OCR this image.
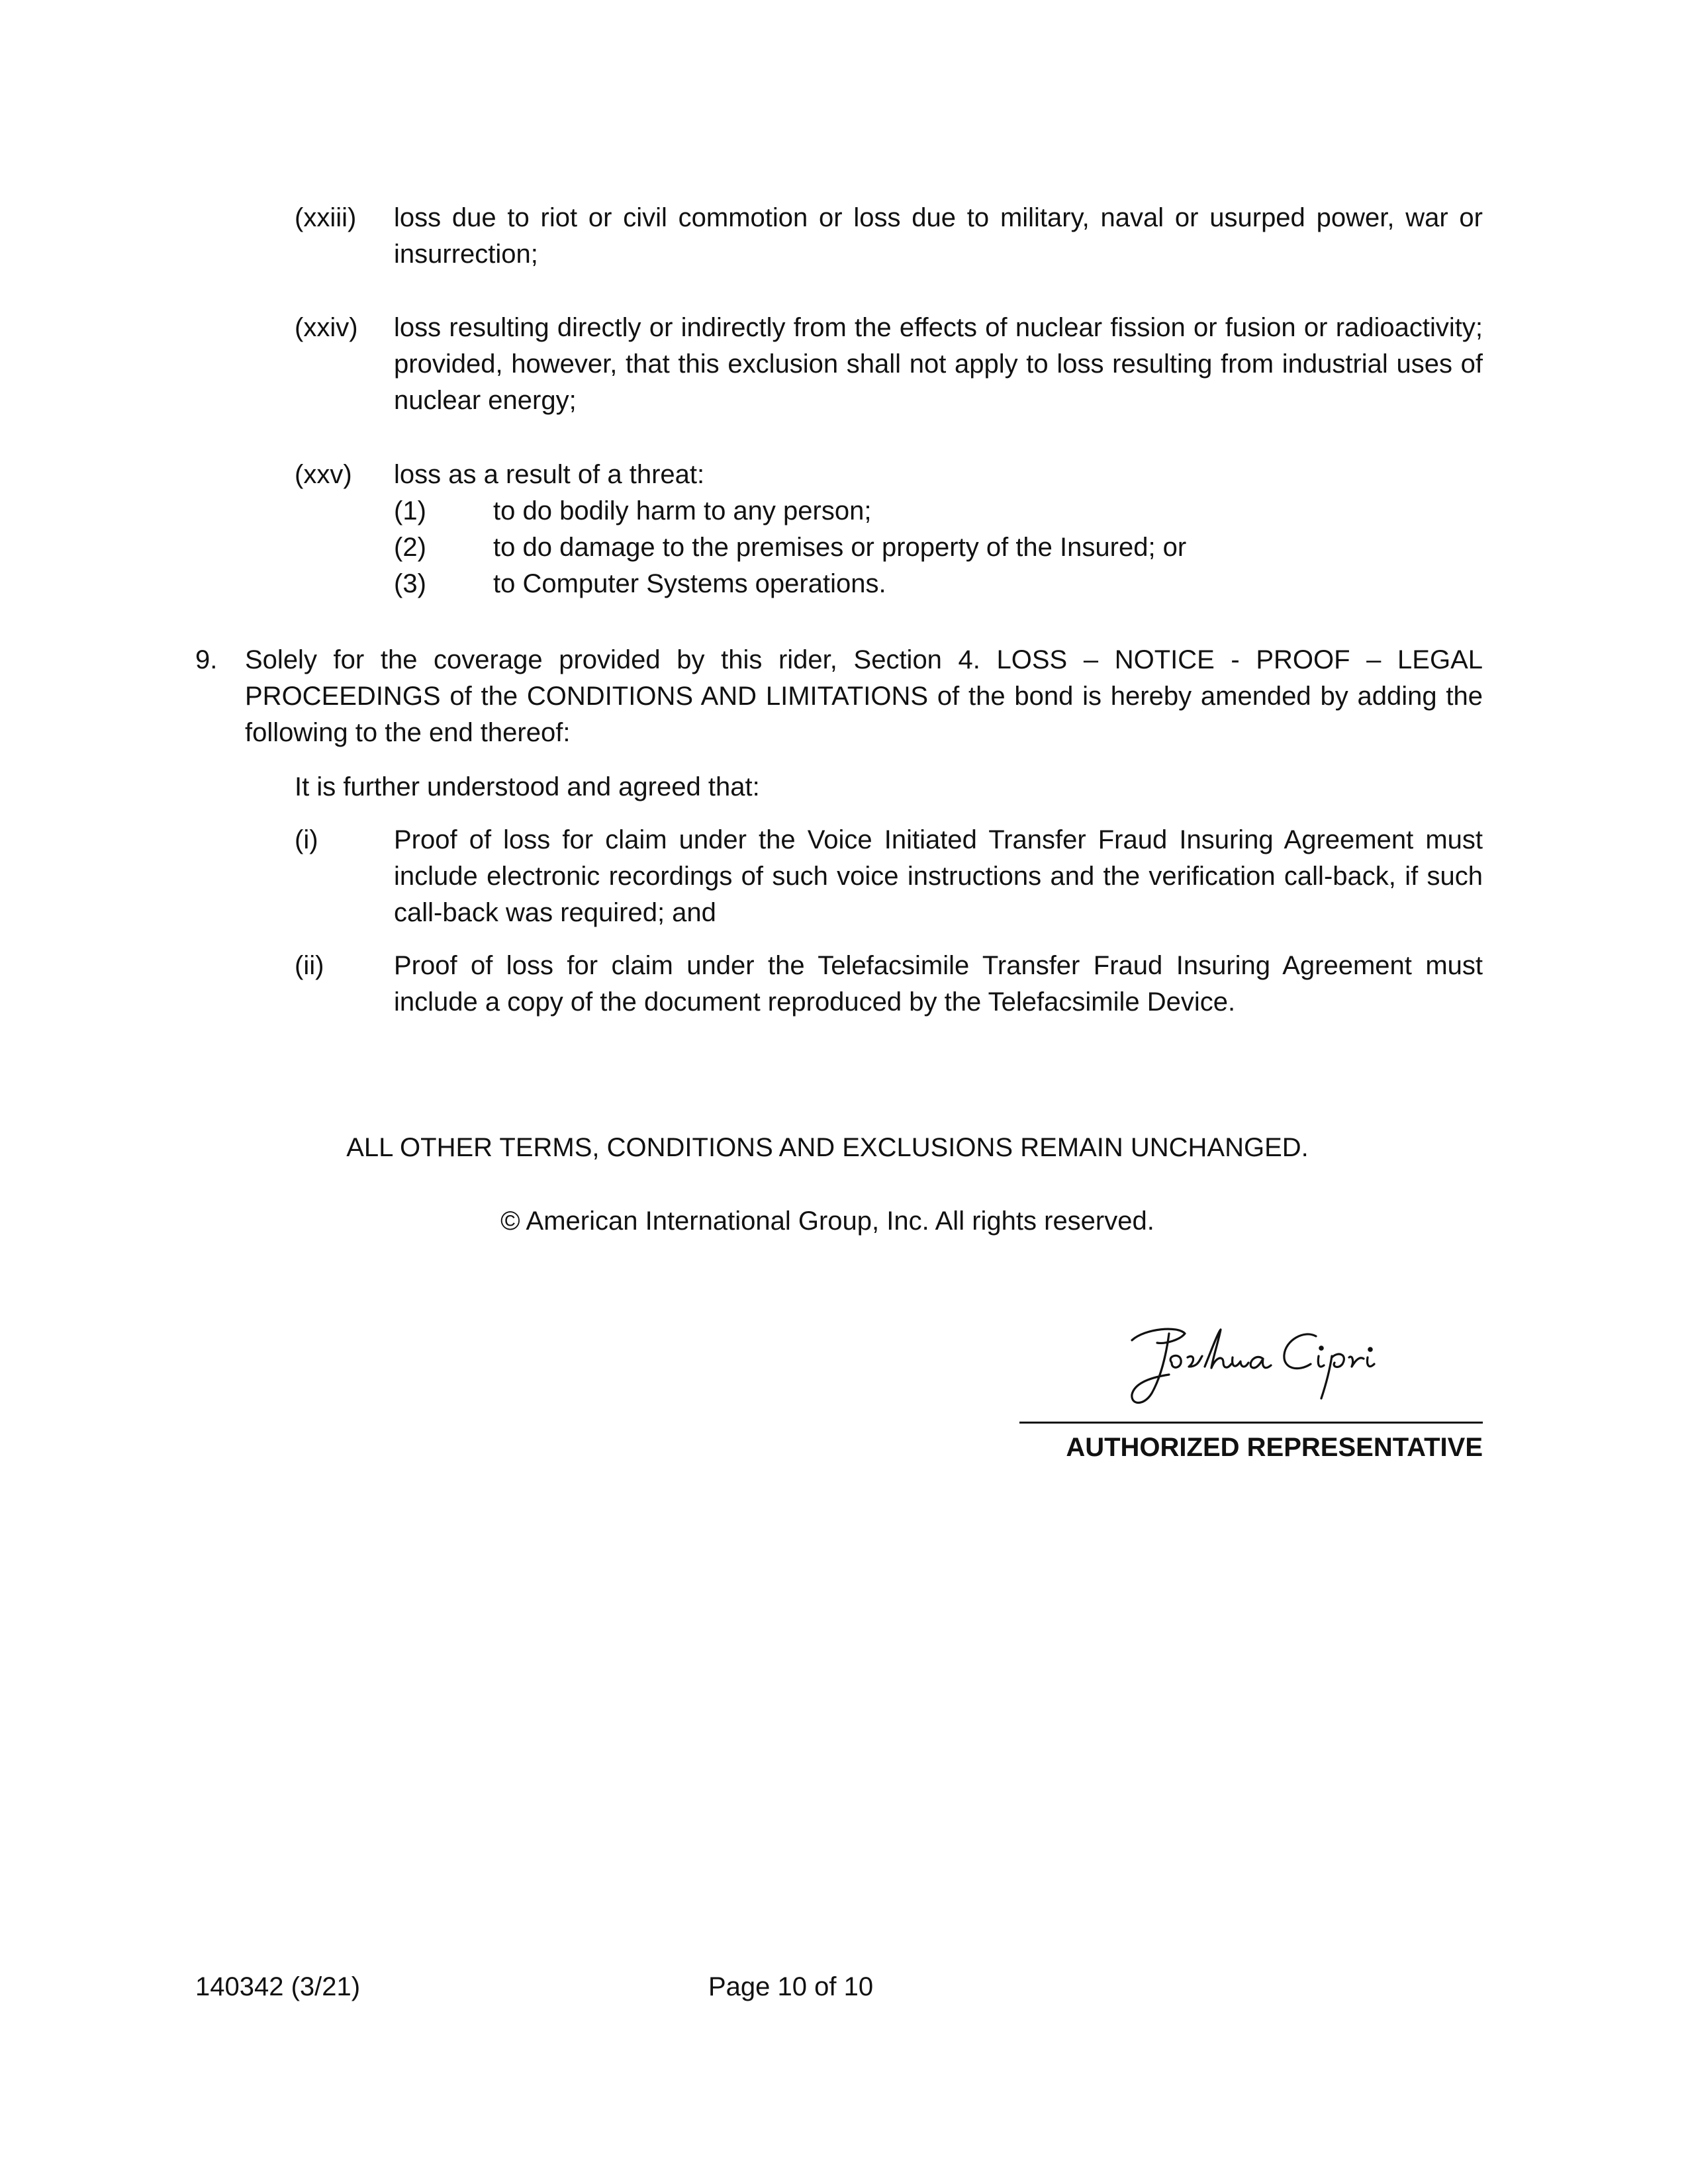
(xxiii) loss due to riot or civil commotion or loss due to military, naval or usurped power, war or insurrection;
(xxiv) loss resulting directly or indirectly from the effects of nuclear fission or fusion or radioactivity; provided, however, that this exclusion shall not apply to loss resulting from industrial uses of nuclear energy;
(xxv) loss as a result of a threat:
(1)	to do bodily harm to any person;
(2)	to do damage to the premises or property of the Insured; or
(3)	to Computer Systems operations.
9. Solely for the coverage provided by this rider, Section 4. LOSS – NOTICE - PROOF – LEGAL PROCEEDINGS of the CONDITIONS AND LIMITATIONS of the bond is hereby amended by adding the following to the end thereof:
It is further understood and agreed that:
(i)	Proof of loss for claim under the Voice Initiated Transfer Fraud Insuring Agreement must include electronic recordings of such voice instructions and the verification call-back, if such call-back was required; and
(ii)	Proof of loss for claim under the Telefacsimile Transfer Fraud Insuring Agreement must include a copy of the document reproduced by the Telefacsimile Device.
ALL OTHER TERMS, CONDITIONS AND EXCLUSIONS REMAIN UNCHANGED.
© American International Group, Inc. All rights reserved.
AUTHORIZED REPRESENTATIVE
140342 (3/21)	Page 10 of 10
